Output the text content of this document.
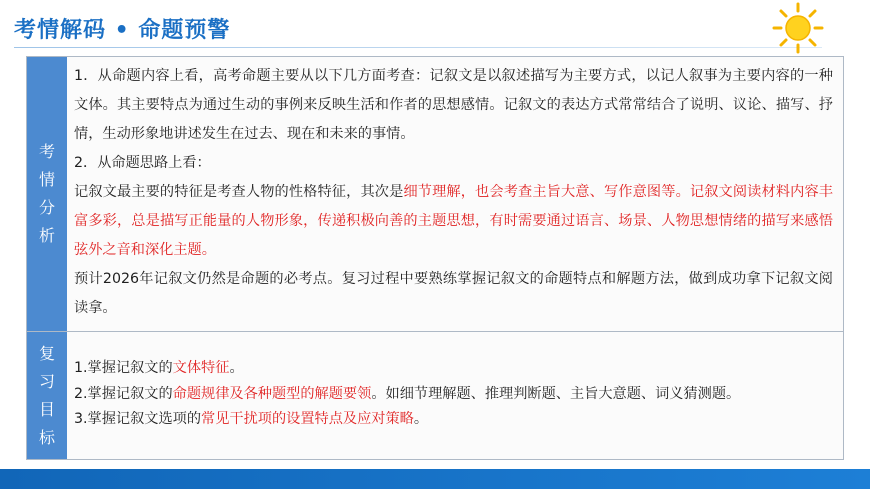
考情解码 • 命题预警
考情分析
复习目标

1．从命题内容上看，高考命题主要从以下几方面考查：记叙文是以叙述描写为主要方式，以记人叙事为主要内容的一种文体。其主要特点为通过生动的事例来反映生活和作者的思想感情。记叙文的表达方式常常结合了说明、议论、描写、抒情，生动形象地讲述发生在过去、现在和未来的事情。

2．从命题思路上看：

记叙文最主要的特征是考查人物的性格特征，其次是细节理解，也会考查主旨大意、写作意图等。记叙文阅读材料内容丰富多彩，总是描写正能量的人物形象，传递积极向善的主题思想，有时需要通过语言、场景、人物思想情绪的描写来感悟弦外之音和深化主题。

预计2026年记叙文仍然是命题的必考点。复习过程中要熟练掌握记叙文的命题特点和解题方法，做到成功拿下记叙文阅读拿。

1.掌握记叙文的文体特征。

2.掌握记叙文的命题规律及各种题型的解题要领。如细节理解题、推理判断题、主旨大意题、词义猜测题。

3.掌握记叙文选项的常见干扰项的设置特点及应对策略。
